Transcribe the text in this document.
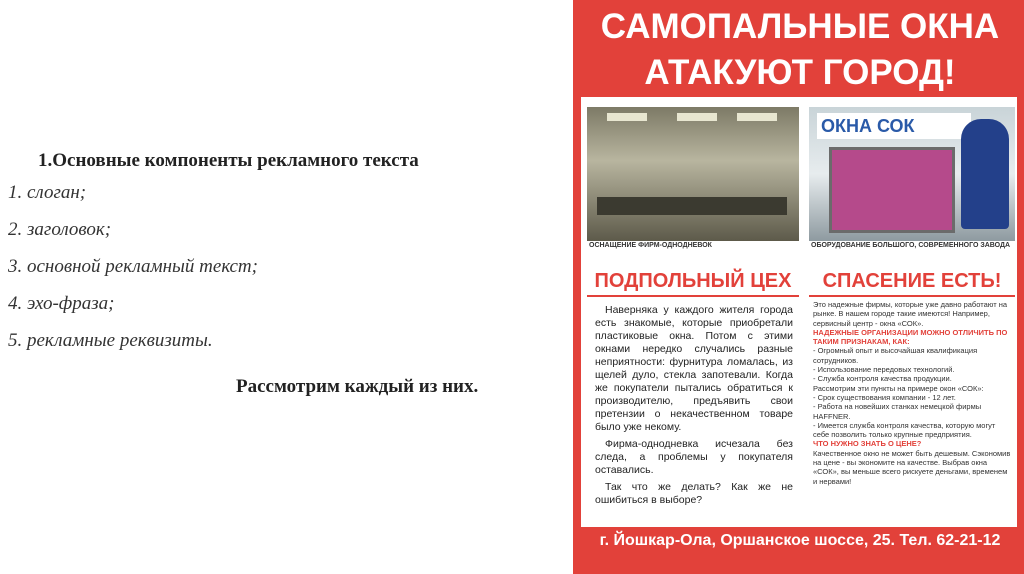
1.Основные компоненты рекламного текста
1. слоган;
2. заголовок;
3. основной рекламный текст;
4. эхо-фраза;
5. рекламные реквизиты.
Рассмотрим каждый из них.
САМОПАЛЬНЫЕ ОКНА
АТАКУЮТ ГОРОД!
ОКНА СОК
ОСНАЩЕНИЕ ФИРМ-ОДНОДНЕВОК	ОБОРУДОВАНИЕ БОЛЬШОГО, СОВРЕМЕННОГО ЗАВОДА
ПОДПОЛЬНЫЙ ЦЕХ	СПАСЕНИЕ ЕСТЬ!

Наверняка у каждого жителя города есть знакомые, которые приобретали пластиковые окна. Потом с этими окнами нередко случались разные неприятности: фурнитура ломалась, из щелей дуло, стекла запотевали. Когда же покупатели пытались обратиться к производителю, предъявить свои претензии о некачественном товаре было уже некому.

Фирма-однодневка исчезала без следа, а проблемы у покупателя оставались.

Так что же делать? Как же не ошибиться в выборе?

Это надежные фирмы, которые уже давно работают на рынке. В нашем городе такие имеются! Например, сервисный центр - окна «СОК».

НАДЕЖНЫЕ ОРГАНИЗАЦИИ МОЖНО ОТЛИЧИТЬ ПО ТАКИМ ПРИЗНАКАМ, КАК:

- Огромный опыт и высочайшая квалификация сотрудников.

- Использование передовых технологий.

- Служба контроля качества продукции.

Рассмотрим эти пункты на примере окон «СОК»:

- Срок существования компании - 12 лет.

- Работа на новейших станках немецкой фирмы HAFFNER.

- Имеется служба контроля качества, которую могут себе позволить только крупные предприятия.

ЧТО НУЖНО ЗНАТЬ О ЦЕНЕ?

Качественное окно не может быть дешевым. Сэкономив на цене - вы экономите на качестве. Выбрав окна «СОК», вы меньше всего рискуете деньгами, временем и нервами!

г. Йошкар-Ола, Оршанское шоссе, 25. Тел. 62-21-12
